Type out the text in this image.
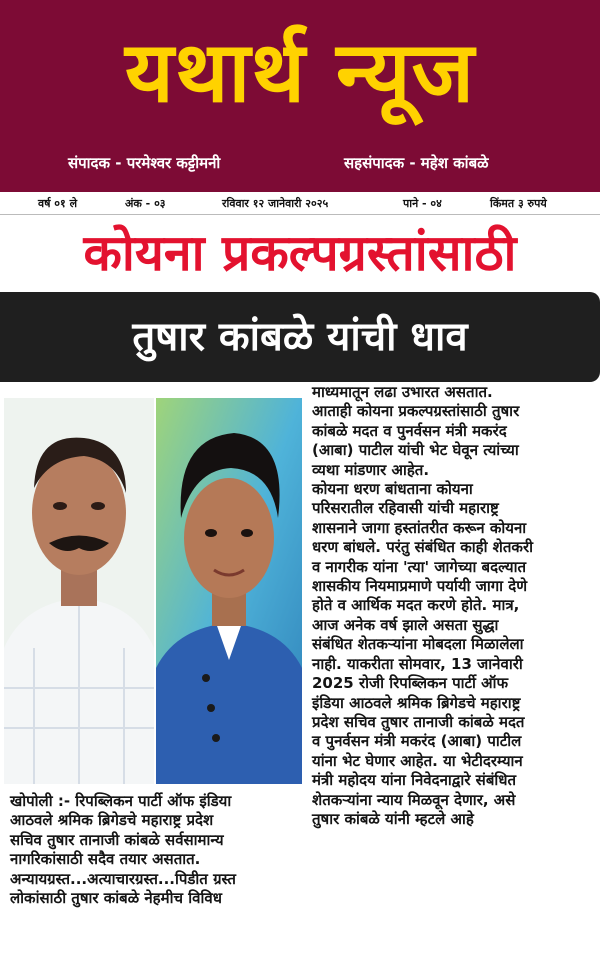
यथार्थ न्यूज
संपादक - परमेश्वर कट्टीमनी	सहसंपादक - महेश कांबळे
वर्ष ०१ ले	अंक - ०३	रविवार १२ जानेवारी २०२५	पाने - ०४	किंमत ३ रुपये
कोयना प्रकल्पग्रस्तांसाठी
तुषार कांबळे यांची धाव
खोपोली :- रिपब्लिकन पार्टी ऑफ इंडिया
आठवले श्रमिक ब्रिगेडचे महाराष्ट्र प्रदेश
सचिव तुषार तानाजी कांबळे सर्वसामान्य
नागरिकांसाठी सदैव तयार असतात.
अन्यायग्रस्त...अत्याचारग्रस्त...पिडीत ग्रस्त
लोकांसाठी तुषार कांबळे नेहमीच विविध
माध्यमातून लढा उभारत असतात.
आताही कोयना प्रकल्पग्रस्तांसाठी तुषार
कांबळे मदत व पुनर्वसन मंत्री मकरंद
(आबा) पाटील यांची भेट घेवून त्यांच्या
व्यथा मांडणार आहेत.
कोयना धरण बांधताना कोयना
परिसरातील रहिवासी यांची महाराष्ट्र
शासनाने जागा हस्तांतरीत करून कोयना
धरण बांधले. परंतु संबंधित काही शेतकरी
व नागरीक यांना 'त्या' जागेच्या बदल्यात
शासकीय नियमाप्रमाणे पर्यायी जागा देणे
होते व आर्थिक मदत करणे होते. मात्र,
आज अनेक वर्ष झाले असता सुद्धा
संबंधित शेतकऱ्यांना मोबदला मिळालेला
नाही. याकरीता सोमवार, 13 जानेवारी
2025 रोजी रिपब्लिकन पार्टी ऑफ
इंडिया आठवले श्रमिक ब्रिगेडचे महाराष्ट्र
प्रदेश सचिव तुषार तानाजी कांबळे मदत
व पुनर्वसन मंत्री मकरंद (आबा) पाटील
यांना भेट घेणार आहेत. या भेटीदरम्यान
मंत्री महोदय यांना निवेदनाद्वारे संबंधित
शेतकऱ्यांना न्याय मिळवून देणार, असे
तुषार कांबळे यांनी म्हटले आहे
